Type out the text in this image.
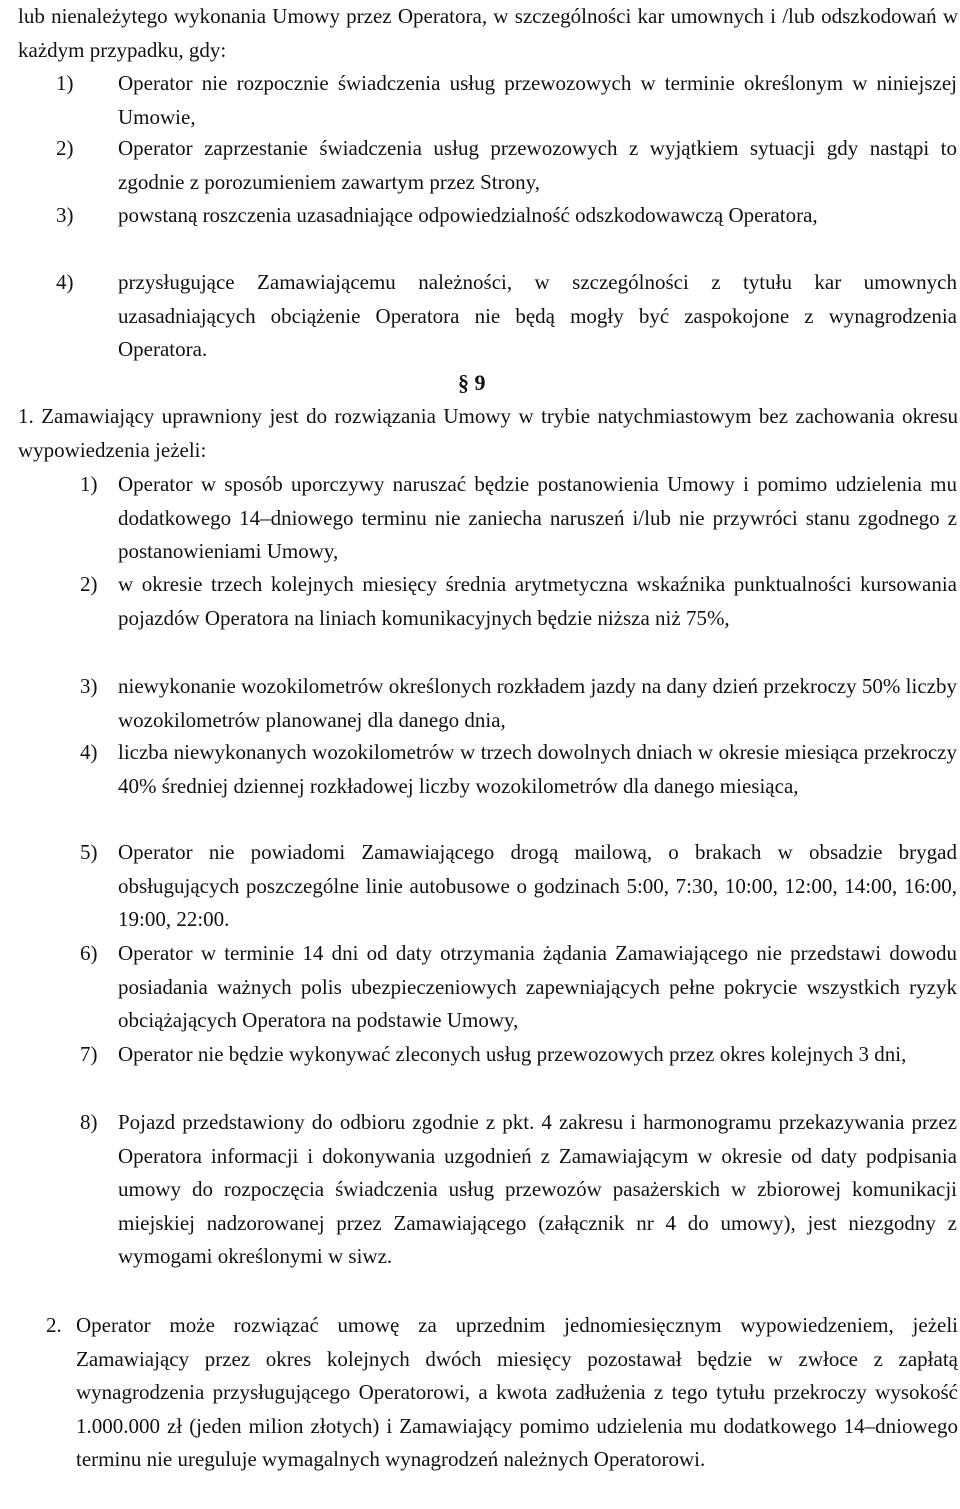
lub nienależytego wykonania Umowy przez Operatora, w szczególności kar umownych i /lub odszkodowań w każdym przypadku, gdy:
1) Operator nie rozpocznie świadczenia usług przewozowych w terminie określonym w niniejszej Umowie,
2) Operator zaprzestanie świadczenia usług przewozowych z wyjątkiem sytuacji gdy nastąpi to zgodnie z porozumieniem zawartym przez Strony,
3) powstaną roszczenia uzasadniające odpowiedzialność odszkodowawczą Operatora,
4) przysługujące Zamawiającemu należności, w szczególności z tytułu kar umownych uzasadniających obciążenie Operatora nie będą mogły być zaspokojone z wynagrodzenia Operatora.
§ 9
1. Zamawiający uprawniony jest do rozwiązania Umowy w trybie natychmiastowym bez zachowania okresu wypowiedzenia jeżeli:
1) Operator w sposób uporczywy naruszać będzie postanowienia Umowy i pomimo udzielenia mu dodatkowego 14–dniowego terminu nie zaniecha naruszeń i/lub nie przywróci stanu zgodnego z postanowieniami Umowy,
2) w okresie trzech kolejnych miesięcy średnia arytmetyczna wskaźnika punktualności kursowania pojazdów Operatora na liniach komunikacyjnych będzie niższa niż 75%,
3) niewykonanie wozokilometrów określonych rozkładem jazdy na dany dzień przekroczy 50% liczby wozokilometrów planowanej dla danego dnia,
4) liczba niewykonanych wozokilometrów w trzech dowolnych dniach w okresie miesiąca przekroczy 40% średniej dziennej rozkładowej liczby wozokilometrów dla danego miesiąca,
5) Operator nie powiadomi Zamawiającego drogą mailową, o brakach w obsadzie brygad obsługujących poszczególne linie autobusowe o godzinach 5:00, 7:30, 10:00, 12:00, 14:00, 16:00, 19:00, 22:00.
6) Operator w terminie 14 dni od daty otrzymania żądania Zamawiającego nie przedstawi dowodu posiadania ważnych polis ubezpieczeniowych zapewniających pełne pokrycie wszystkich ryzyk obciążających Operatora na podstawie Umowy,
7) Operator nie będzie wykonywać zleconych usług przewozowych przez okres kolejnych 3 dni,
8) Pojazd przedstawiony do odbioru zgodnie z pkt. 4 zakresu i harmonogramu przekazywania przez Operatora informacji i dokonywania uzgodnień z Zamawiającym w okresie od daty podpisania umowy do rozpoczęcia świadczenia usług przewozów pasażerskich w zbiorowej komunikacji miejskiej nadzorowanej przez Zamawiającego (załącznik nr 4 do umowy), jest niezgodny z wymogami określonymi w siwz.
2. Operator może rozwiązać umowę za uprzednim jednomiesięcznym wypowiedzeniem, jeżeli Zamawiający przez okres kolejnych dwóch miesięcy pozostawał będzie w zwłoce z zapłatą wynagrodzenia przysługującego Operatorowi, a kwota zadłużenia z tego tytułu przekroczy wysokość 1.000.000 zł (jeden milion złotych) i Zamawiający pomimo udzielenia mu dodatkowego 14–dniowego terminu nie ureguluje wymagalnych wynagrodzeń należnych Operatorowi.
